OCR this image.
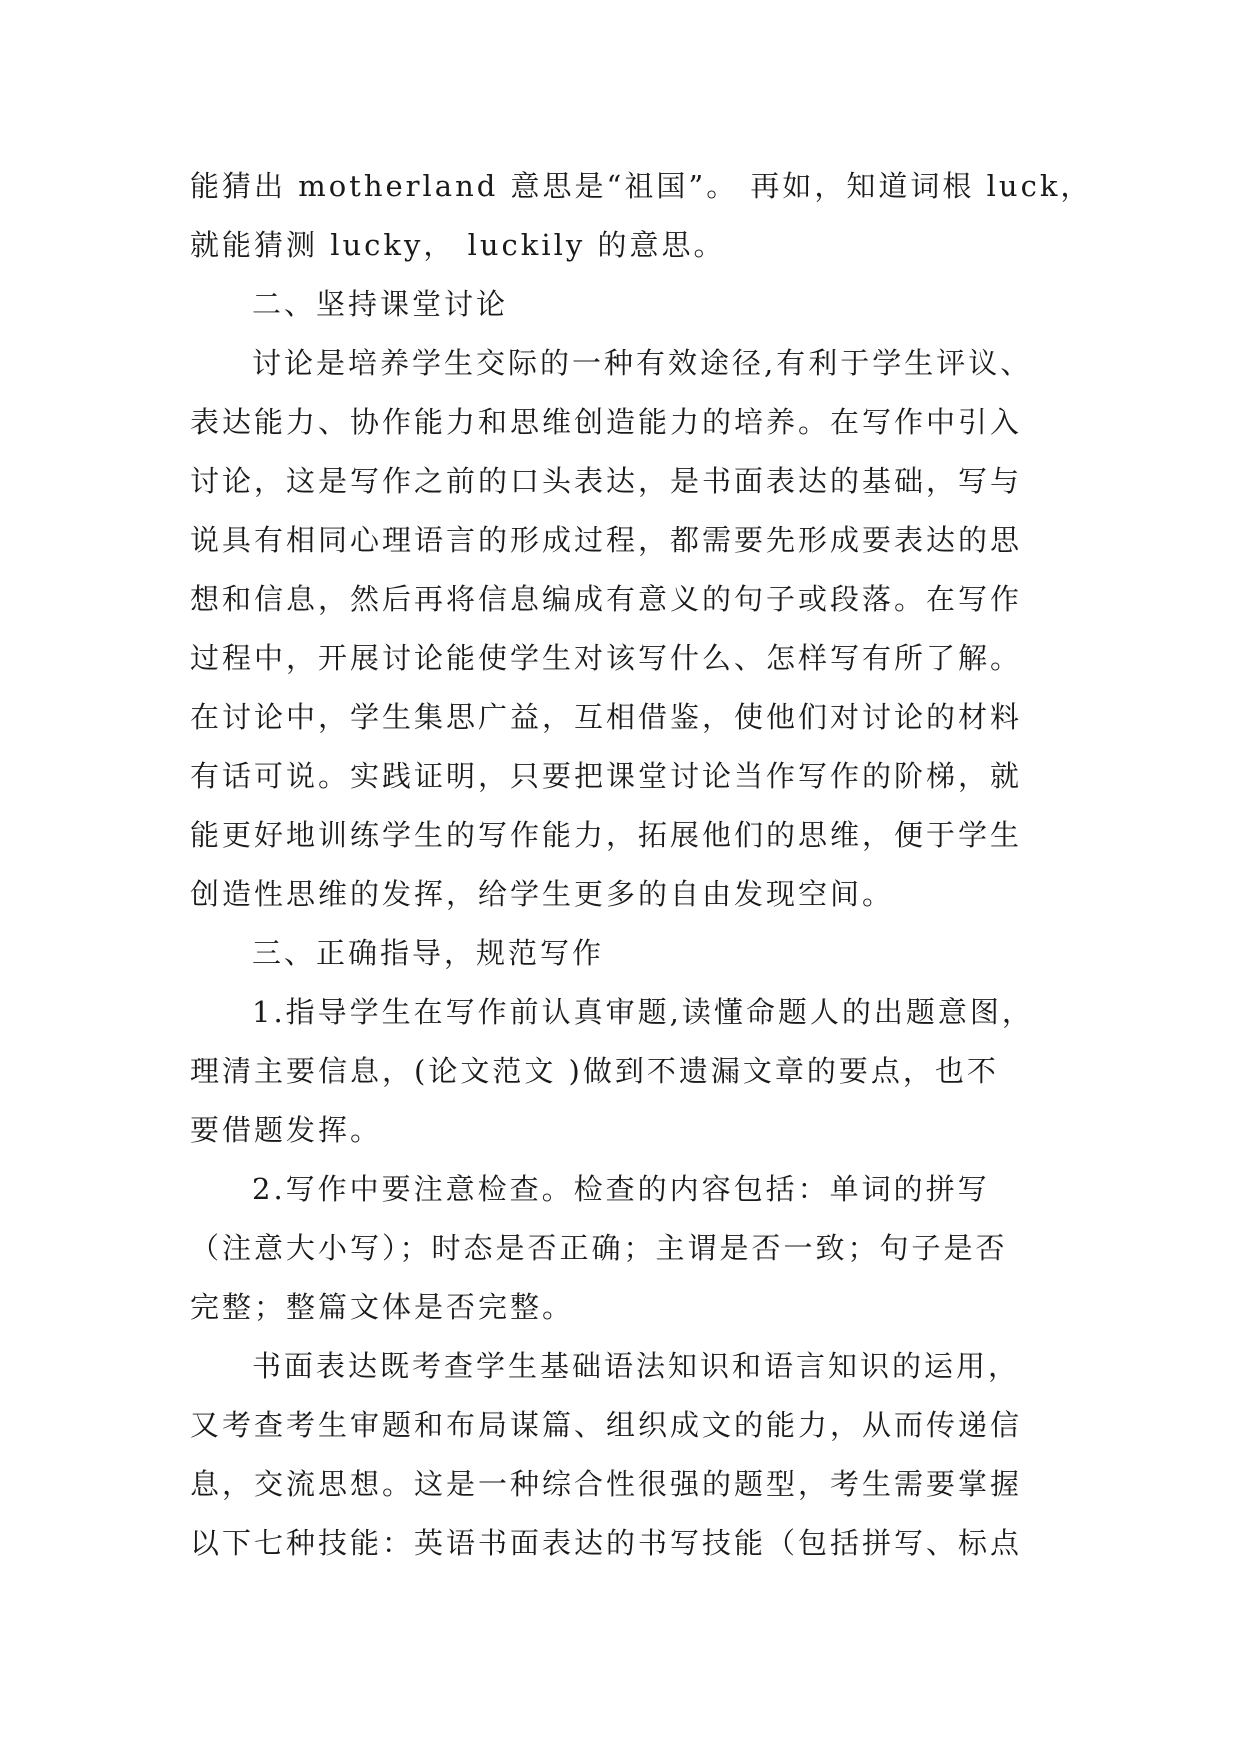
能猜出 motherland 意思是“祖国”。 再如，知道词根 luck，
就能猜测 lucky， luckily 的意思。
二、坚持课堂讨论
讨论是培养学生交际的一种有效途径,有利于学生评议、
表达能力、协作能力和思维创造能力的培养。在写作中引入
讨论，这是写作之前的口头表达，是书面表达的基础，写与
说具有相同心理语言的形成过程，都需要先形成要表达的思
想和信息，然后再将信息编成有意义的句子或段落。在写作
过程中，开展讨论能使学生对该写什么、怎样写有所了解。
在讨论中，学生集思广益，互相借鉴，使他们对讨论的材料
有话可说。实践证明，只要把课堂讨论当作写作的阶梯，就
能更好地训练学生的写作能力，拓展他们的思维，便于学生
创造性思维的发挥，给学生更多的自由发现空间。
三、正确指导，规范写作
1.指导学生在写作前认真审题,读懂命题人的出题意图，
理清主要信息，(论文范文 )做到不遗漏文章的要点，也不
要借题发挥。
2.写作中要注意检查。检查的内容包括：单词的拼写
（注意大小写）；时态是否正确；主谓是否一致；句子是否
完整；整篇文体是否完整。
书面表达既考查学生基础语法知识和语言知识的运用，
又考查考生审题和布局谋篇、组织成文的能力，从而传递信
息，交流思想。这是一种综合性很强的题型，考生需要掌握
以下七种技能：英语书面表达的书写技能（包括拼写、标点
